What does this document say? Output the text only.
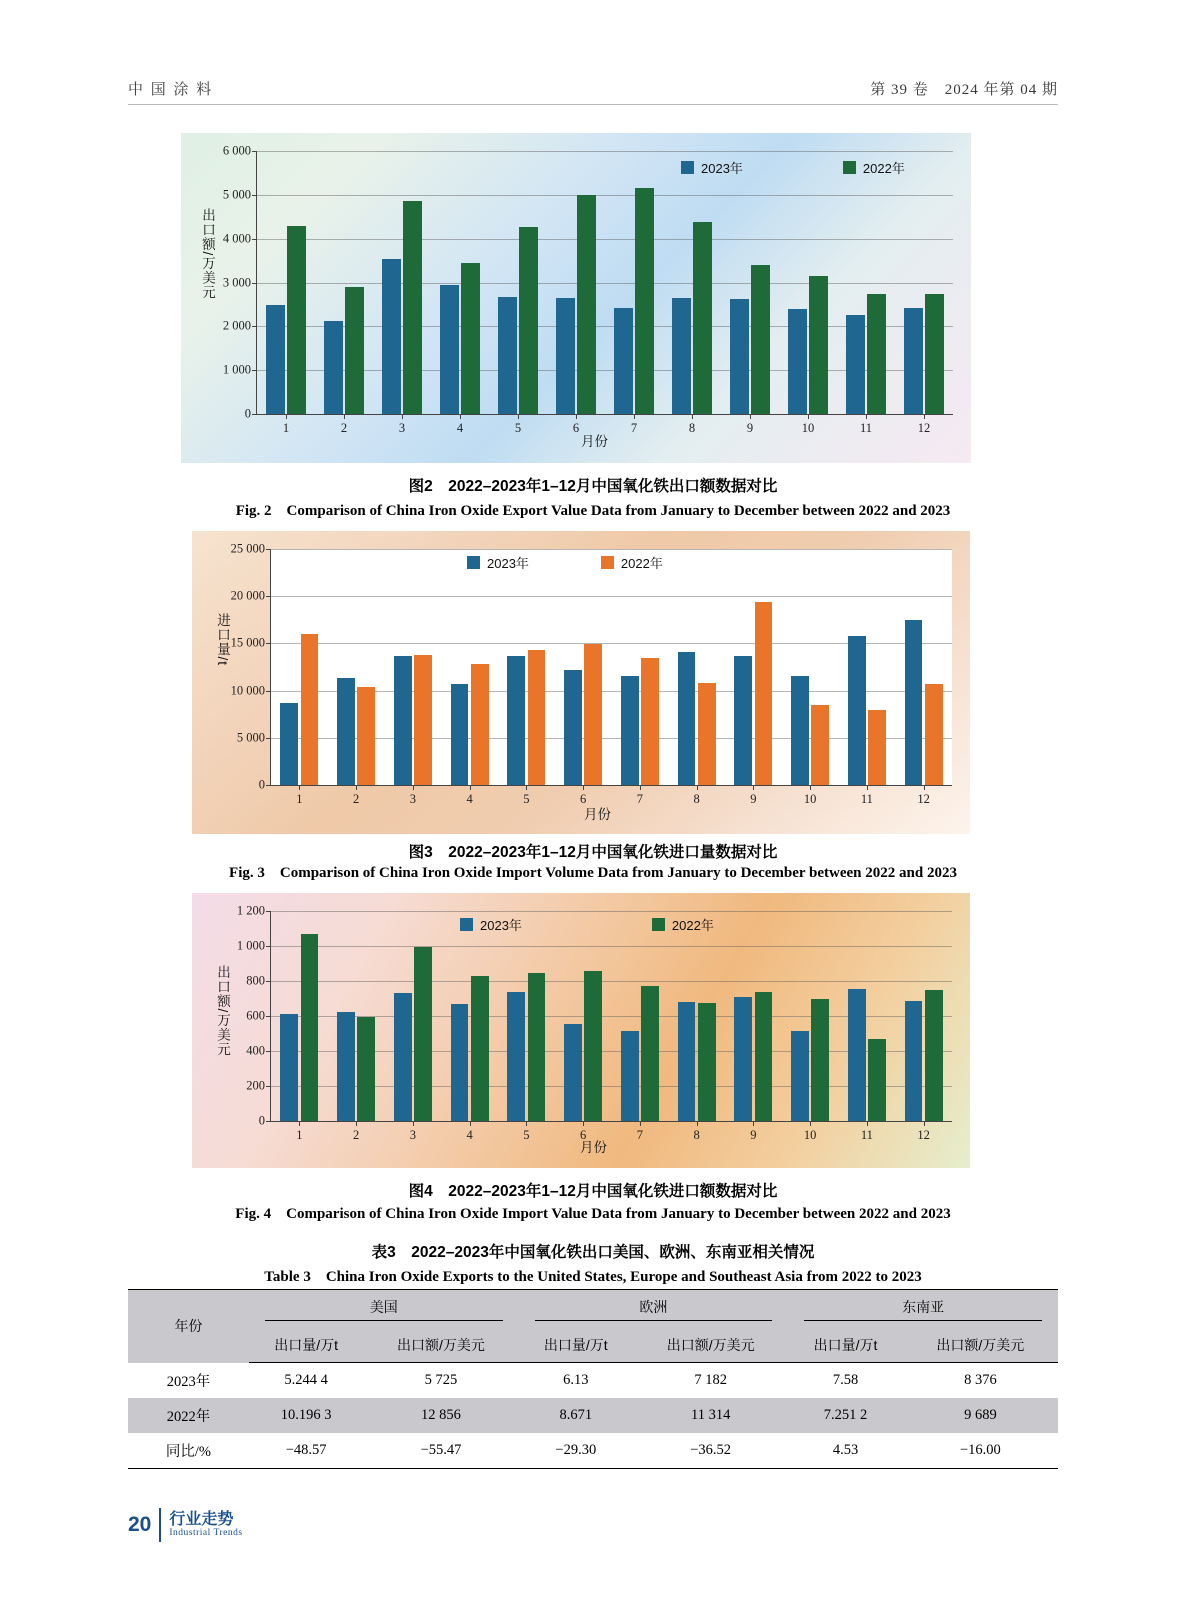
中 国 涂 料	第 39 卷　2024 年第 04 期
0
1 000
2 000
3 000
4 000
5 000
6 000
1	2	3	4	5	6	7	8	9	10	11	12
出口额/万美元
月份
2023年	2022年
图2　2022–2023年1–12月中国氧化铁出口额数据对比
Fig. 2　Comparison of China Iron Oxide Export Value Data from January to December between 2022 and 2023
0
5 000
10 000
15 000
20 000
25 000
1	2	3	4	5	6	7	8	9	10	11	12
进口量/t
月份
2023年	2022年
图3　2022–2023年1–12月中国氧化铁进口量数据对比
Fig. 3　Comparison of China Iron Oxide Import Volume Data from January to December between 2022 and 2023
0
200
400
600
800
1 000
1 200
1	2	3	4	5	6	7	8	9	10	11	12
出口额/万美元
月份
2023年	2022年
图4　2022–2023年1–12月中国氧化铁进口额数据对比
Fig. 4　Comparison of China Iron Oxide Import Value Data from January to December between 2022 and 2023
表3　2022–2023年中国氧化铁出口美国、欧洲、东南亚相关情况
Table 3　China Iron Oxide Exports to the United States, Europe and Southeast Asia from 2022 to 2023
年份	美国		欧洲		东南亚	

	出口量/万t	出口额/万美元	出口量/万t	出口额/万美元	出口量/万t	出口额/万美元
2023年	5.244 4	5 725	6.13	7 182	7.58	8 376
2022年	10.196 3	12 856	8.671	11 314	7.251 2	9 689
同比/%	−48.57	−55.47	−29.30	−36.52	4.53	−16.00
20 行业走势
Industrial Trends
